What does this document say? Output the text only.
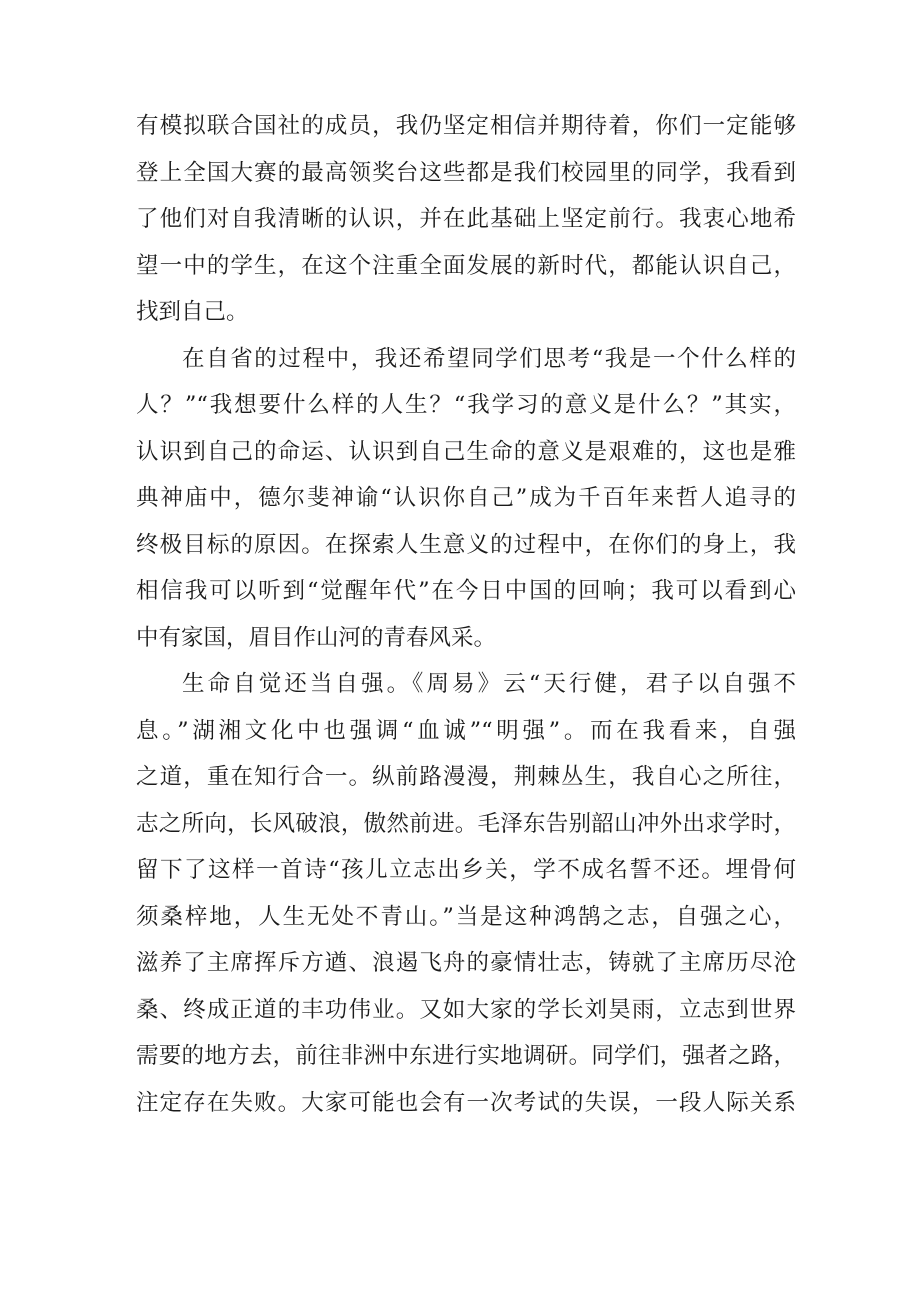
有模拟联合国社的成员，我仍坚定相信并期待着，你们一定能够
登上全国大赛的最高领奖台这些都是我们校园里的同学，我看到
了他们对自我清晰的认识，并在此基础上坚定前行。我衷心地希
望一中的学生，在这个注重全面发展的新时代，都能认识自己，
找到自己。
在自省的过程中，我还希望同学们思考“我是一个什么样的
人？”“我想要什么样的人生？“我学习的意义是什么？”其实，
认识到自己的命运、认识到自己生命的意义是艰难的，这也是雅
典神庙中，德尔斐神谕“认识你自己”成为千百年来哲人追寻的
终极目标的原因。在探索人生意义的过程中，在你们的身上，我
相信我可以听到“觉醒年代”在今日中国的回响；我可以看到心
中有家国，眉目作山河的青春风采。
生命自觉还当自强。《周易》云“天行健，君子以自强不
息。”湖湘文化中也强调“血诚”“明强”。而在我看来，自强
之道，重在知行合一。纵前路漫漫，荆棘丛生，我自心之所往，
志之所向，长风破浪，傲然前进。毛泽东告别韶山冲外出求学时，
留下了这样一首诗“孩儿立志出乡关，学不成名誓不还。埋骨何
须桑梓地，人生无处不青山。”当是这种鸿鹄之志，自强之心，
滋养了主席挥斥方遒、浪遏飞舟的豪情壮志，铸就了主席历尽沧
桑、终成正道的丰功伟业。又如大家的学长刘昊雨，立志到世界
需要的地方去，前往非洲中东进行实地调研。同学们，强者之路，
注定存在失败。大家可能也会有一次考试的失误，一段人际关系
